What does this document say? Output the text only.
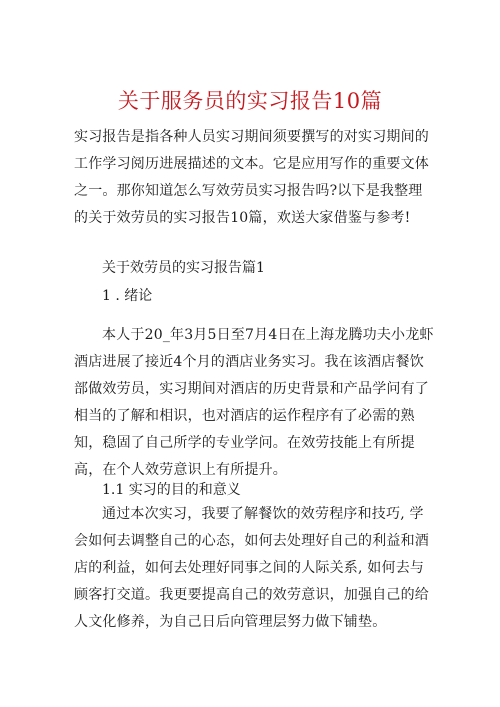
关于服务员的实习报告10篇
实习报告是指各种人员实习期间须要撰写的对实习期间的工作学习阅历进展描述的文本。它是应用写作的重要文体之一。那你知道怎么写效劳员实习报告吗?以下是我整理的关于效劳员的实习报告10篇，欢送大家借鉴与参考!
关于效劳员的实习报告篇1
1 . 绪论
本人于20_年3月5日至7月4日在上海龙腾功夫小龙虾酒店进展了接近4个月的酒店业务实习。我在该酒店餐饮部做效劳员，实习期间对酒店的历史背景和产品学问有了相当的了解和相识，也对酒店的运作程序有了必需的熟知，稳固了自己所学的专业学问。在效劳技能上有所提高，在个人效劳意识上有所提升。
1.1 实习的目的和意义
通过本次实习，我要了解餐饮的效劳程序和技巧, 学会如何去调整自己的心态，如何去处理好自己的利益和酒店的利益，如何去处理好同事之间的人际关系, 如何去与顾客打交道。我更要提高自己的效劳意识，加强自己的给人文化修养，为自己日后向管理层努力做下铺垫。
